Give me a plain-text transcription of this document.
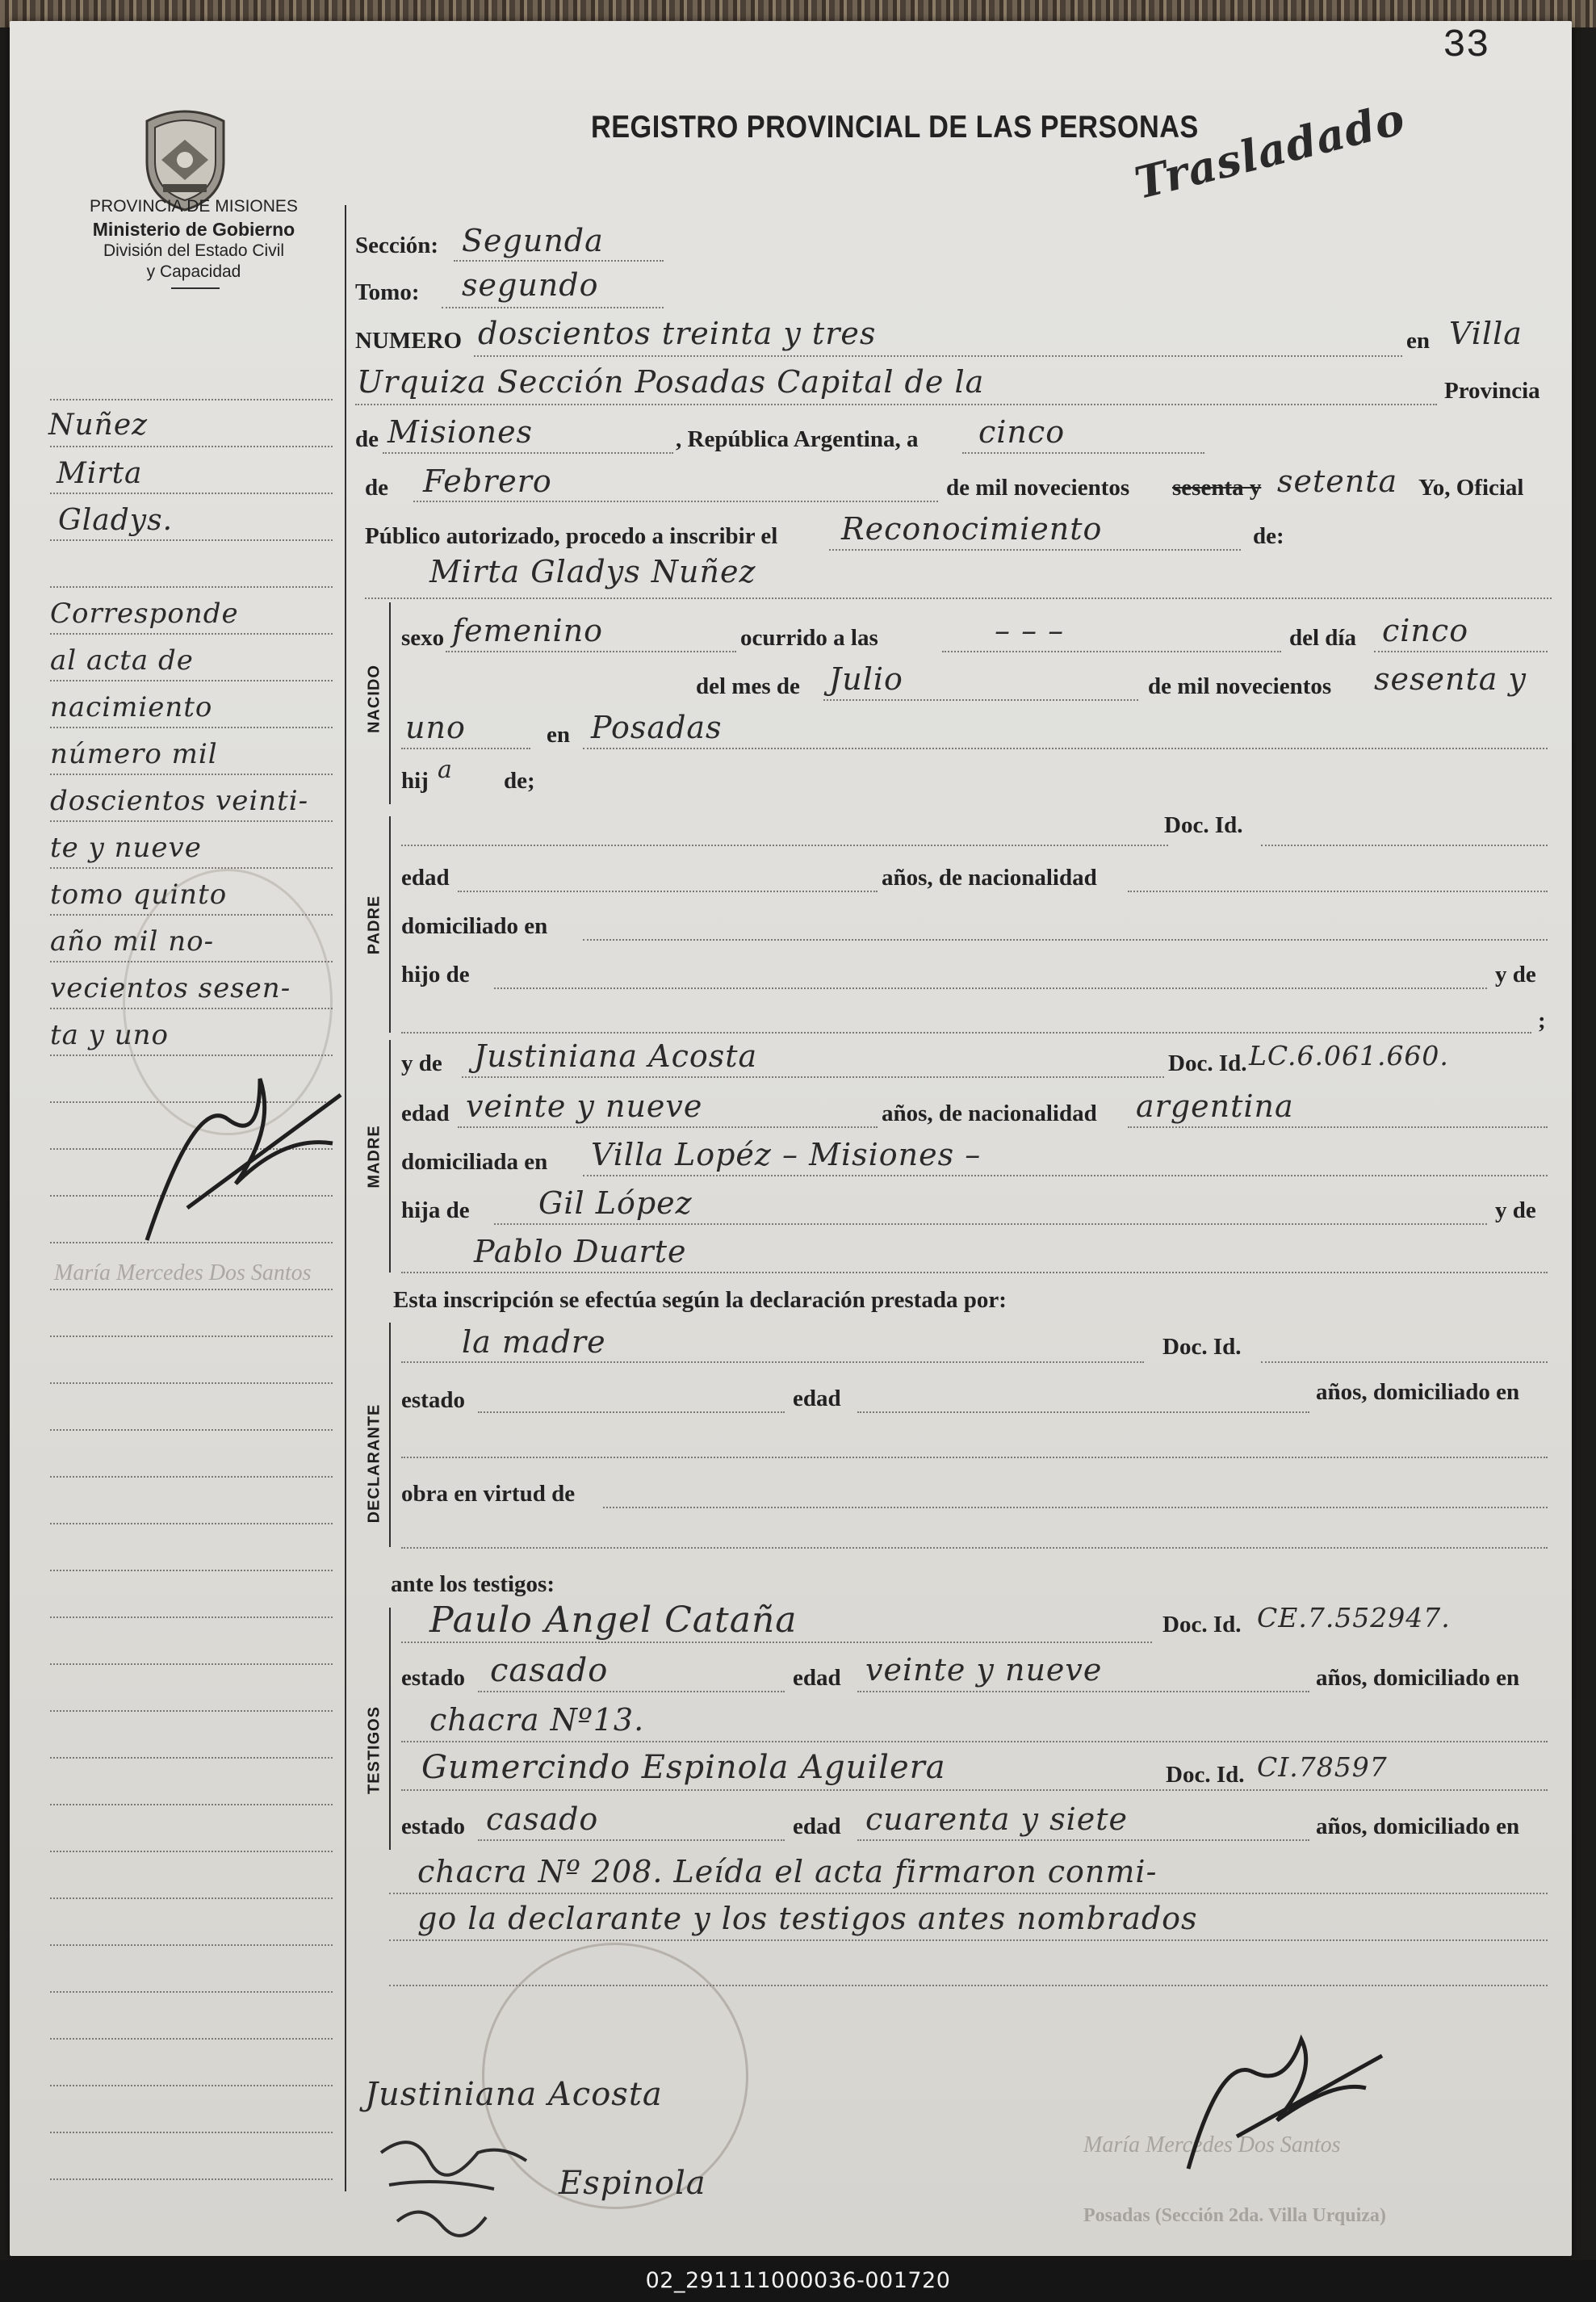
33
PROVINCIA DE MISIONES
Ministerio de Gobierno
División del Estado Civil
y Capacidad
REGISTRO PROVINCIAL DE LAS PERSONAS
Trasladado
Nuñez
Mirta
Gladys.
Corresponde
al acta de
nacimiento
número mil
doscientos veinti-
te y nueve
tomo quinto
año mil no-
vecientos sesen-
ta y uno
Sección: Segunda
Tomo: segundo
NUMERO doscientos treinta y tres	en Villa
Urquiza Sección Posadas Capital de la	Provincia
de Misiones	, República Argentina, a cinco
de Febrero	de mil novecientos sesenta y setenta Yo, Oficial
Público autorizado, procedo a inscribir el Reconocimiento	de:
Mirta Gladys Nuñez
NACIDO
sexo femenino	ocurrido a las	– – –	del día cinco
del mes de Julio	de mil novecientos sesenta y
uno	en Posadas
hij a de;
PADRE
Doc. Id.
edad	años, de nacionalidad
domiciliado en
hijo de	y de
;
MADRE
y de Justiniana Acosta	Doc. Id. LC.6.061.660.
edad veinte y nueve	años, de nacionalidad argentina
domiciliada en Villa Lopéz – Misiones –
hija de Gil López	y de
Pablo Duarte
Esta inscripción se efectúa según la declaración prestada por:
DECLARANTE
la madre	Doc. Id.
estado	edad	años, domiciliado en
obra en virtud de
ante los testigos:
TESTIGOS
Paulo Angel Cataña	Doc. Id. CE.7.552947.
estado casado	edad veinte y nueve	años, domiciliado en
chacra Nº13.
Gumercindo Espinola Aguilera	Doc. Id. CI.78597
estado casado	edad cuarenta y siete	años, domiciliado en
chacra Nº 208. Leída el acta firmaron conmi-
go la declarante y los testigos antes nombrados
María Mercedes Dos Santos
María Mercedes Dos Santos
Posadas (Sección 2da. Villa Urquiza)
Justiniana Acosta
Espinola
02_291111000036-001720
